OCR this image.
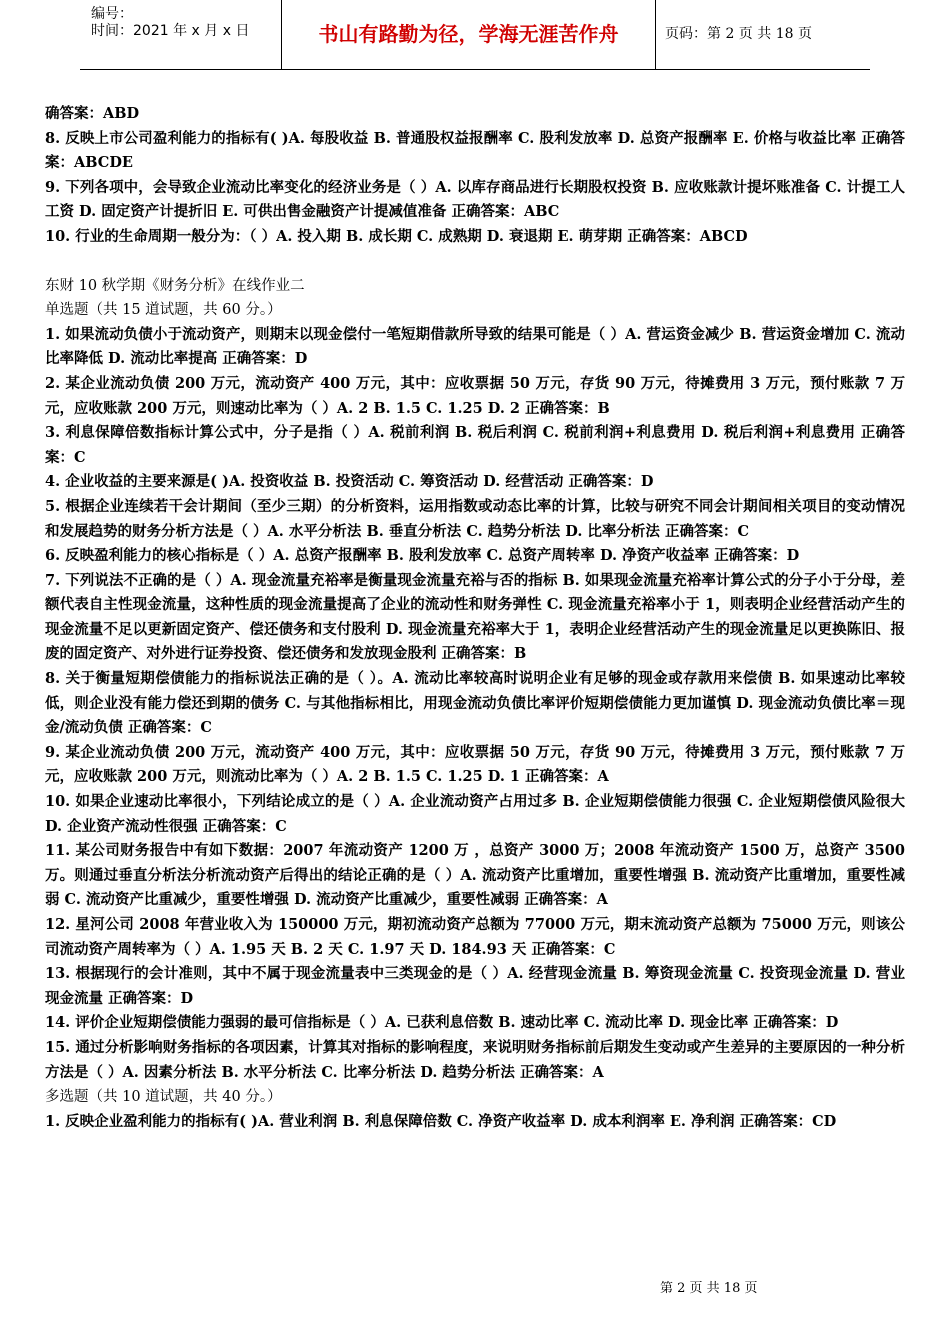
编号：
时间：2021 年 x 月 x 日	书山有路勤为径，学海无涯苦作舟	页码：第 2 页 共 18 页

确答案：ABD

8. 反映上市公司盈利能力的指标有( )A. 每股收益 B. 普通股权益报酬率 C. 股利发放率 D. 总资产报酬率 E. 价格与收益比率 正确答案：ABCDE

9. 下列各项中，会导致企业流动比率变化的经济业务是（ ）A. 以库存商品进行长期股权投资 B. 应收账款计提坏账准备 C. 计提工人工资 D. 固定资产计提折旧 E. 可供出售金融资产计提减值准备 正确答案：ABC

10. 行业的生命周期一般分为：（ ）A. 投入期 B. 成长期 C. 成熟期 D. 衰退期 E. 萌芽期 正确答案：ABCD

东财 10 秋学期《财务分析》在线作业二

单选题（共 15 道试题，共 60 分。）

1. 如果流动负债小于流动资产，则期末以现金偿付一笔短期借款所导致的结果可能是（ ）A. 营运资金减少 B. 营运资金增加 C. 流动比率降低 D. 流动比率提高 正确答案：D

2. 某企业流动负债 200 万元，流动资产 400 万元，其中：应收票据 50 万元，存货 90 万元，待摊费用 3 万元，预付账款 7 万元，应收账款 200 万元，则速动比率为（ ）A. 2 B. 1.5 C. 1.25 D. 2 正确答案：B

3. 利息保障倍数指标计算公式中，分子是指（ ）A. 税前利润 B. 税后利润 C. 税前利润+利息费用 D. 税后利润+利息费用 正确答案：C

4. 企业收益的主要来源是( )A. 投资收益 B. 投资活动 C. 筹资活动 D. 经营活动 正确答案：D

5. 根据企业连续若干会计期间（至少三期）的分析资料，运用指数或动态比率的计算，比较与研究不同会计期间相关项目的变动情况和发展趋势的财务分析方法是（ ）A. 水平分析法 B. 垂直分析法 C. 趋势分析法 D. 比率分析法 正确答案：C

6. 反映盈利能力的核心指标是（ ）A. 总资产报酬率 B. 股利发放率 C. 总资产周转率 D. 净资产收益率 正确答案：D

7. 下列说法不正确的是（ ）A. 现金流量充裕率是衡量现金流量充裕与否的指标 B. 如果现金流量充裕率计算公式的分子小于分母，差额代表自主性现金流量，这种性质的现金流量提高了企业的流动性和财务弹性 C. 现金流量充裕率小于 1，则表明企业经营活动产生的现金流量不足以更新固定资产、偿还债务和支付股利 D. 现金流量充裕率大于 1，表明企业经营活动产生的现金流量足以更换陈旧、报废的固定资产、对外进行证券投资、偿还债务和发放现金股利 正确答案：B

8. 关于衡量短期偿债能力的指标说法正确的是（ ）。A. 流动比率较高时说明企业有足够的现金或存款用来偿债 B. 如果速动比率较低，则企业没有能力偿还到期的债务 C. 与其他指标相比，用现金流动负债比率评价短期偿债能力更加谨慎 D. 现金流动负债比率＝现金/流动负债 正确答案：C

9. 某企业流动负债 200 万元，流动资产 400 万元，其中：应收票据 50 万元，存货 90 万元，待摊费用 3 万元，预付账款 7 万元，应收账款 200 万元，则流动比率为（ ）A. 2 B. 1.5 C. 1.25 D. 1 正确答案：A

10. 如果企业速动比率很小，下列结论成立的是（ ）A. 企业流动资产占用过多 B. 企业短期偿债能力很强 C. 企业短期偿债风险很大 D. 企业资产流动性很强 正确答案：C

11. 某公司财务报告中有如下数据：2007 年流动资产 1200 万 ，总资产 3000 万；2008 年流动资产 1500 万，总资产 3500 万。则通过垂直分析法分析流动资产后得出的结论正确的是（ ）A. 流动资产比重增加，重要性增强 B. 流动资产比重增加，重要性减弱 C. 流动资产比重减少，重要性增强 D. 流动资产比重减少，重要性减弱 正确答案：A

12. 星河公司 2008 年营业收入为 150000 万元，期初流动资产总额为 77000 万元，期末流动资产总额为 75000 万元，则该公司流动资产周转率为（ ）A. 1.95 天 B. 2 天 C. 1.97 天 D. 184.93 天 正确答案：C

13. 根据现行的会计准则，其中不属于现金流量表中三类现金的是（ ）A. 经营现金流量 B. 筹资现金流量 C. 投资现金流量 D. 营业现金流量 正确答案：D

14. 评价企业短期偿债能力强弱的最可信指标是（ ）A. 已获利息倍数 B. 速动比率 C. 流动比率 D. 现金比率 正确答案：D

15. 通过分析影响财务指标的各项因素，计算其对指标的影响程度，来说明财务指标前后期发生变动或产生差异的主要原因的一种分析方法是（ ）A. 因素分析法 B. 水平分析法 C. 比率分析法 D. 趋势分析法 正确答案：A

多选题（共 10 道试题，共 40 分。）

1. 反映企业盈利能力的指标有( )A. 营业利润 B. 利息保障倍数 C. 净资产收益率 D. 成本利润率 E. 净利润 正确答案：CD

第 2 页 共 18 页
